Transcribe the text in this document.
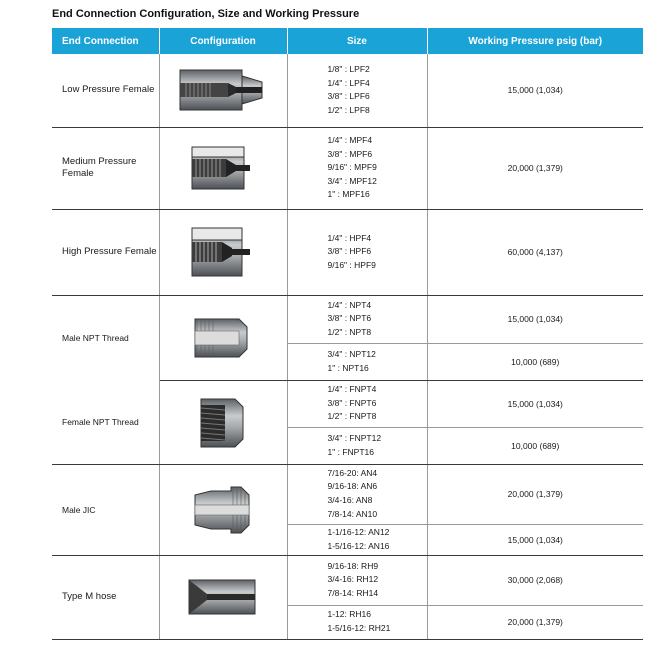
End Connection Configuration, Size and Working Pressure
End Connection	Configuration	Size	Working Pressure psig (bar)
Low Pressure Female		1/8" : LPF2
1/4" : LPF4
3/8" : LPF6
1/2" : LPF8	15,000 (1,034)
Medium Pressure Female		1/4" : MPF4
3/8" : MPF6
9/16" : MPF9
3/4" : MPF12
1" : MPF16	20,000 (1,379)
High Pressure Female		1/4" : HPF4
3/8" : HPF6
9/16" : HPF9	60,000 (4,137)
Male NPT Thread		1/4" : NPT4
3/8" : NPT6
1/2" : NPT8	15,000 (1,034)

		3/4" : NPT12
1" : NPT16	10,000 (689)
Female NPT Thread		1/4" : FNPT4
3/8" : FNPT6
1/2" : FNPT8	15,000 (1,034)

		3/4" : FNPT12
1" : FNPT16	10,000 (689)
Male JIC		7/16-20: AN4
9/16-18: AN6
3/4-16: AN8
7/8-14: AN10	20,000 (1,379)

		1-1/16-12: AN12
1-5/16-12: AN16	15,000 (1,034)
Type M hose		9/16-18: RH9
3/4-16: RH12
7/8-14: RH14	30,000 (2,068)

		1-12: RH16
1-5/16-12: RH21	20,000 (1,379)
